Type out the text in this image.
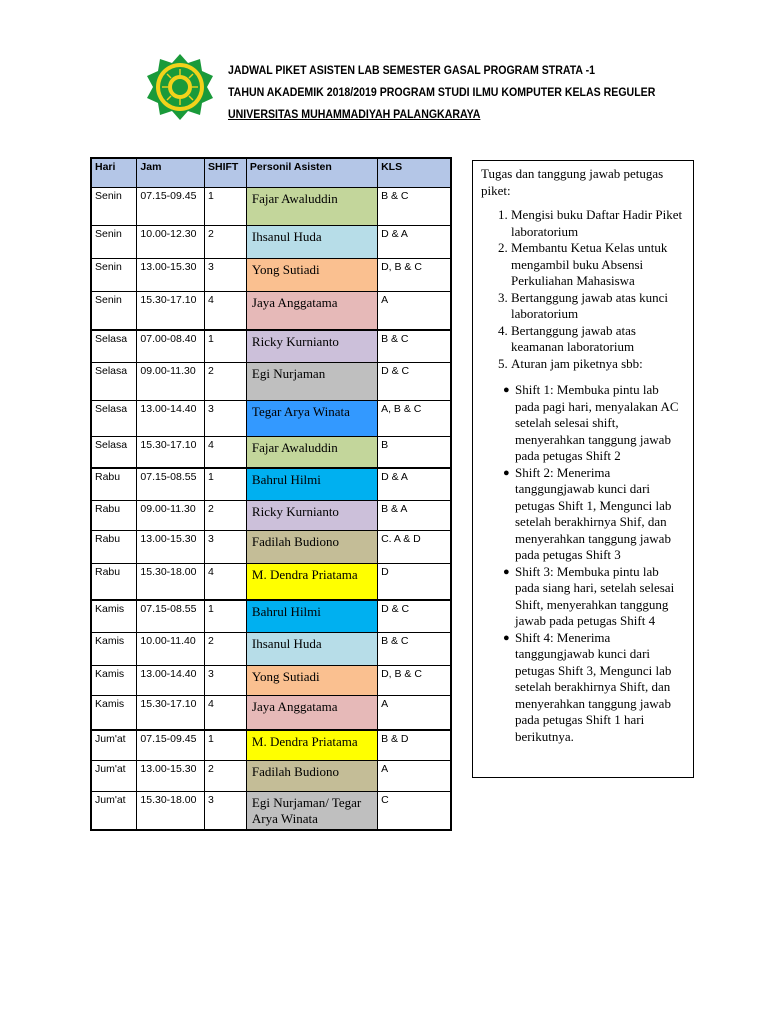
JADWAL PIKET ASISTEN LAB SEMESTER GASAL PROGRAM STRATA -1
TAHUN AKADEMIK 2018/2019 PROGRAM STUDI ILMU KOMPUTER KELAS REGULER
UNIVERSITAS MUHAMMADIYAH PALANGKARAYA
Hari	Jam	SHIFT	Personil Asisten	KLS
Senin	07.15-09.45	1	Fajar Awaluddin	B & C
Senin	10.00-12.30	2	Ihsanul Huda	D & A
Senin	13.00-15.30	3	Yong Sutiadi	D, B & C
Senin	15.30-17.10	4	Jaya Anggatama	A
Selasa	07.00-08.40	1	Ricky Kurnianto	B & C
Selasa	09.00-11.30	2	Egi Nurjaman	D & C
Selasa	13.00-14.40	3	Tegar Arya Winata	A, B & C
Selasa	15.30-17.10	4	Fajar Awaluddin	B
Rabu	07.15-08.55	1	Bahrul Hilmi	D & A
Rabu	09.00-11.30	2	Ricky Kurnianto	B & A
Rabu	13.00-15.30	3	Fadilah Budiono	C. A & D
Rabu	15.30-18.00	4	M. Dendra Priatama	D
Kamis	07.15-08.55	1	Bahrul Hilmi	D & C
Kamis	10.00-11.40	2	Ihsanul Huda	B & C
Kamis	13.00-14.40	3	Yong Sutiadi	D, B & C
Kamis	15.30-17.10	4	Jaya Anggatama	A
Jum'at	07.15-09.45	1	M. Dendra Priatama	B & D
Jum'at	13.00-15.30	2	Fadilah Budiono	A
Jum'at	15.30-18.00	3	Egi Nurjaman/ Tegar Arya Winata	C

Tugas dan tanggung jawab petugas piket:

1. Mengisi buku Daftar Hadir Piket laboratorium
2. Membantu Ketua Kelas untuk mengambil buku Absensi Perkuliahan Mahasiswa
3. Bertanggung jawab atas kunci laboratorium
4. Bertanggung jawab atas keamanan laboratorium
5. Aturan jam piketnya sbb:
● Shift 1: Membuka pintu lab pada pagi hari, menyalakan AC setelah selesai shift, menyerahkan tanggung jawab pada petugas Shift 2
● Shift 2: Menerima tanggungjawab kunci dari petugas Shift 1, Mengunci lab setelah berakhirnya Shif, dan menyerahkan tanggung jawab pada petugas Shift 3
● Shift 3: Membuka pintu lab pada siang hari, setelah selesai Shift, menyerahkan tanggung jawab pada petugas Shift 4
● Shift 4: Menerima tanggungjawab kunci dari petugas Shift 3, Mengunci lab setelah berakhirnya Shift, dan menyerahkan tanggung jawab pada petugas Shift 1 hari berikutnya.
